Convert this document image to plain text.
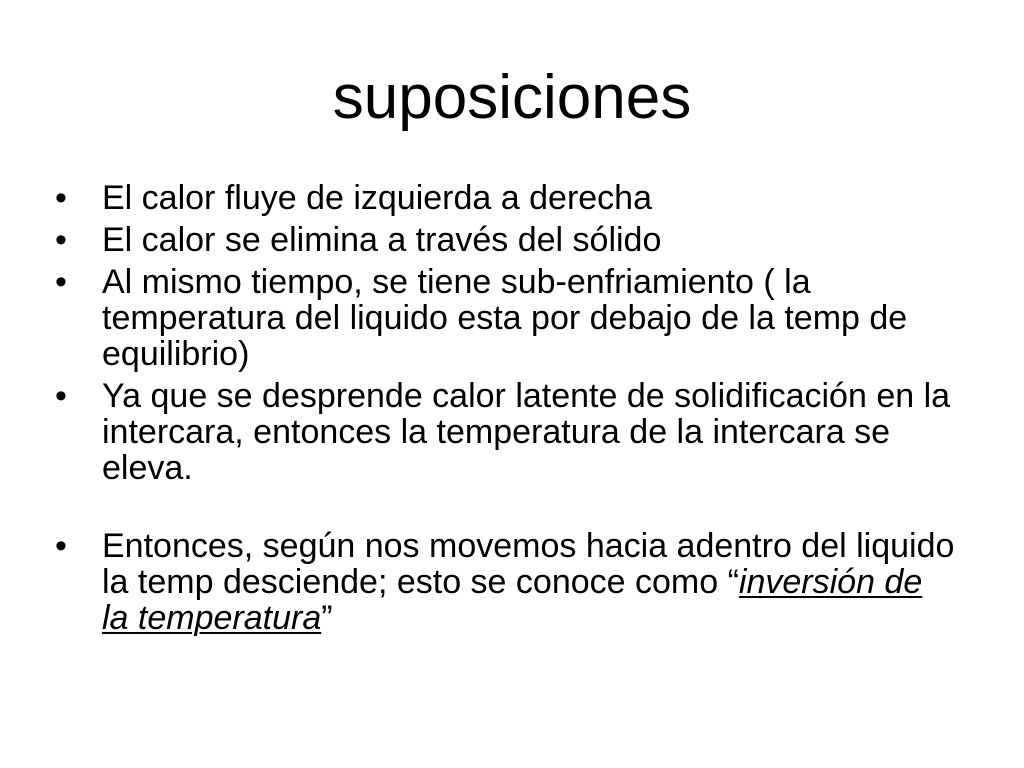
suposiciones
•	El calor fluye de izquierda a derecha
•	El calor se elimina a través del sólido
•	Al mismo tiempo, se tiene sub-enfriamiento ( la temperatura del liquido esta por debajo de la temp de equilibrio)
•	Ya que se desprende calor latente de solidificación en la intercara, entonces la temperatura de la intercara se eleva.
•	Entonces, según nos movemos hacia adentro del liquido la temp desciende; esto se conoce como “inversión de la temperatura”
